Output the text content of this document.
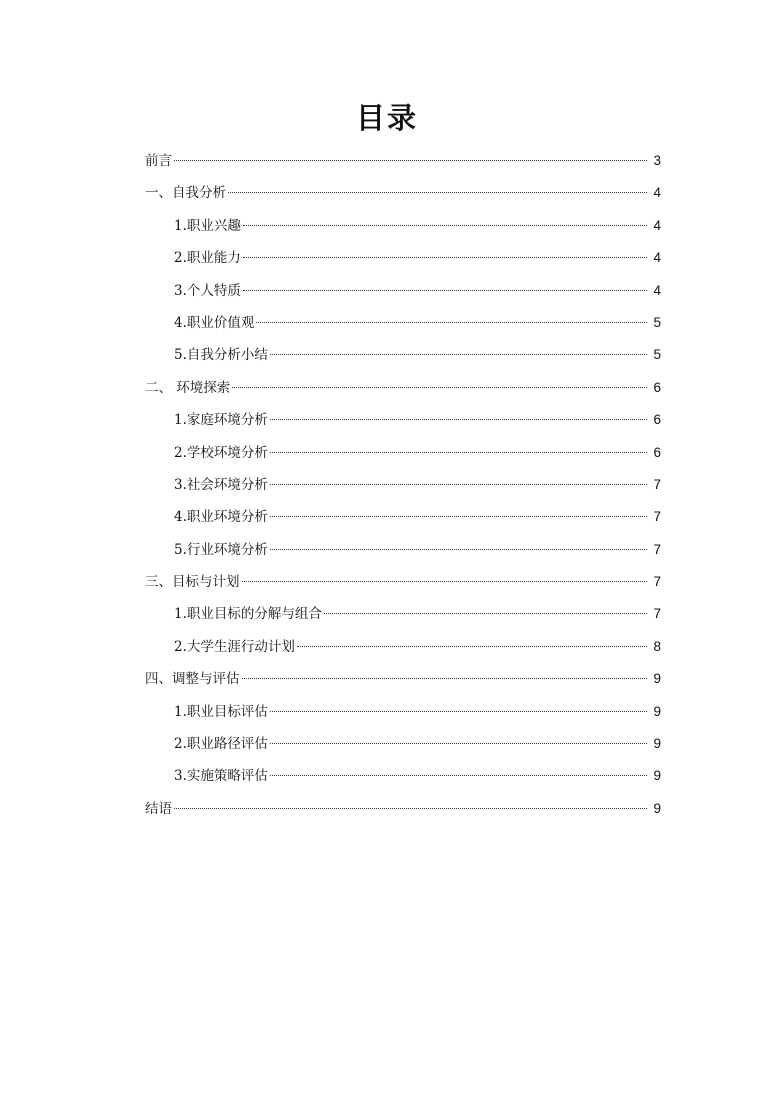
目录
前言	3
一、自我分析	4
1.职业兴趣	4
2.职业能力	4
3.个人特质	4
4.职业价值观	5
5.自我分析小结	5
二、 环境探索	6
1.家庭环境分析	6
2.学校环境分析	6
3.社会环境分析	7
4.职业环境分析	7
5.行业环境分析	7
三、目标与计划	7
1.职业目标的分解与组合	7
2.大学生涯行动计划	8
四、调整与评估	9
1.职业目标评估	9
2.职业路径评估	9
3.实施策略评估	9
结语	9
